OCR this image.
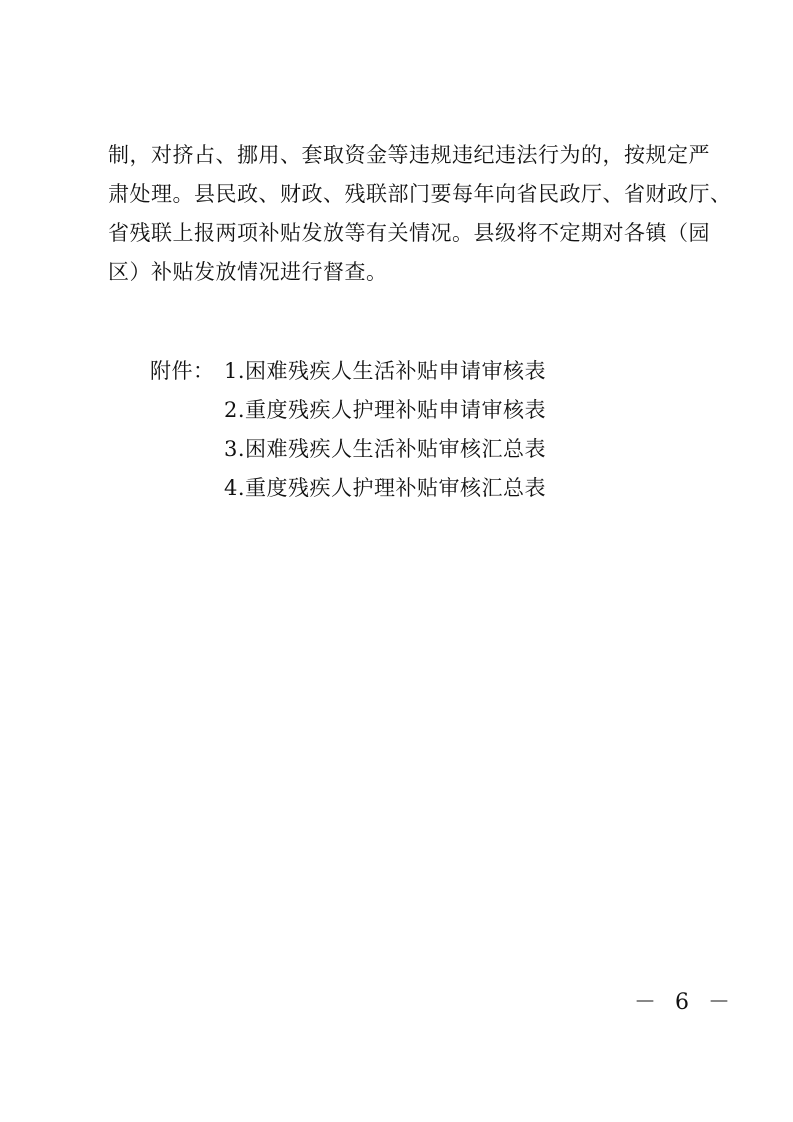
制，对挤占、挪用、套取资金等违规违纪违法行为的，按规定严
肃处理。县民政、财政、残联部门要每年向省民政厅、省财政厅、
省残联上报两项补贴发放等有关情况。县级将不定期对各镇（园
区）补贴发放情况进行督查。

附件： 1.困难残疾人生活补贴申请审核表
2.重度残疾人护理补贴申请审核表
3.困难残疾人生活补贴审核汇总表
4.重度残疾人护理补贴审核汇总表
－ 6 －
